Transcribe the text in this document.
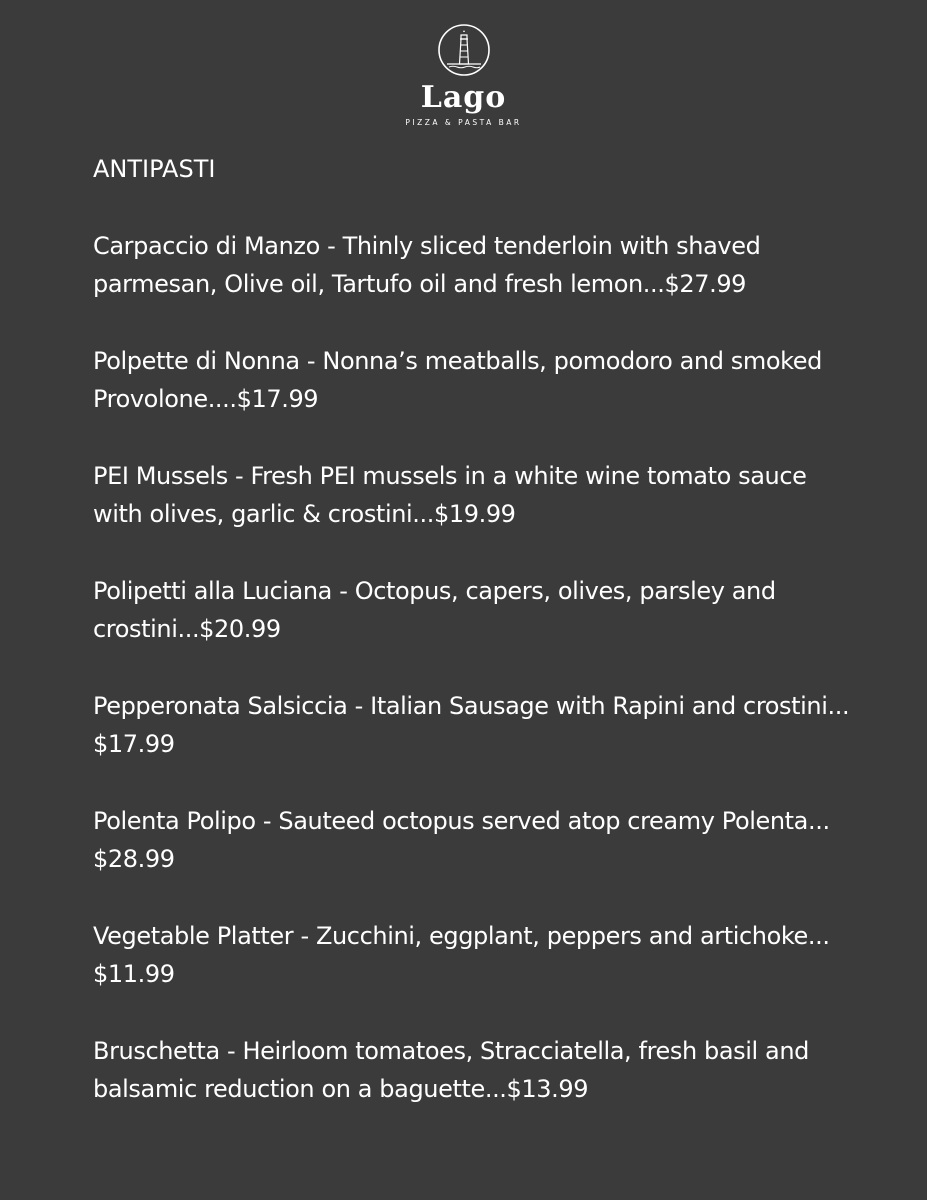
Lago
PIZZA & PASTA BAR
ANTIPASTI
Carpaccio di Manzo - Thinly sliced tenderloin with shaved
parmesan, Olive oil, Tartufo oil and fresh lemon...$27.99
Polpette di Nonna - Nonna’s meatballs, pomodoro and smoked
Provolone....$17.99
PEI Mussels - Fresh PEI mussels in a white wine tomato sauce
with olives, garlic & crostini...$19.99
Polipetti alla Luciana - Octopus, capers, olives, parsley and
crostini...$20.99
Pepperonata Salsiccia - Italian Sausage with Rapini and crostini...
$17.99
Polenta Polipo - Sauteed octopus served atop creamy Polenta...
$28.99
Vegetable Platter - Zucchini, eggplant, peppers and artichoke...
$11.99
Bruschetta - Heirloom tomatoes, Stracciatella, fresh basil and
balsamic reduction on a baguette...$13.99
